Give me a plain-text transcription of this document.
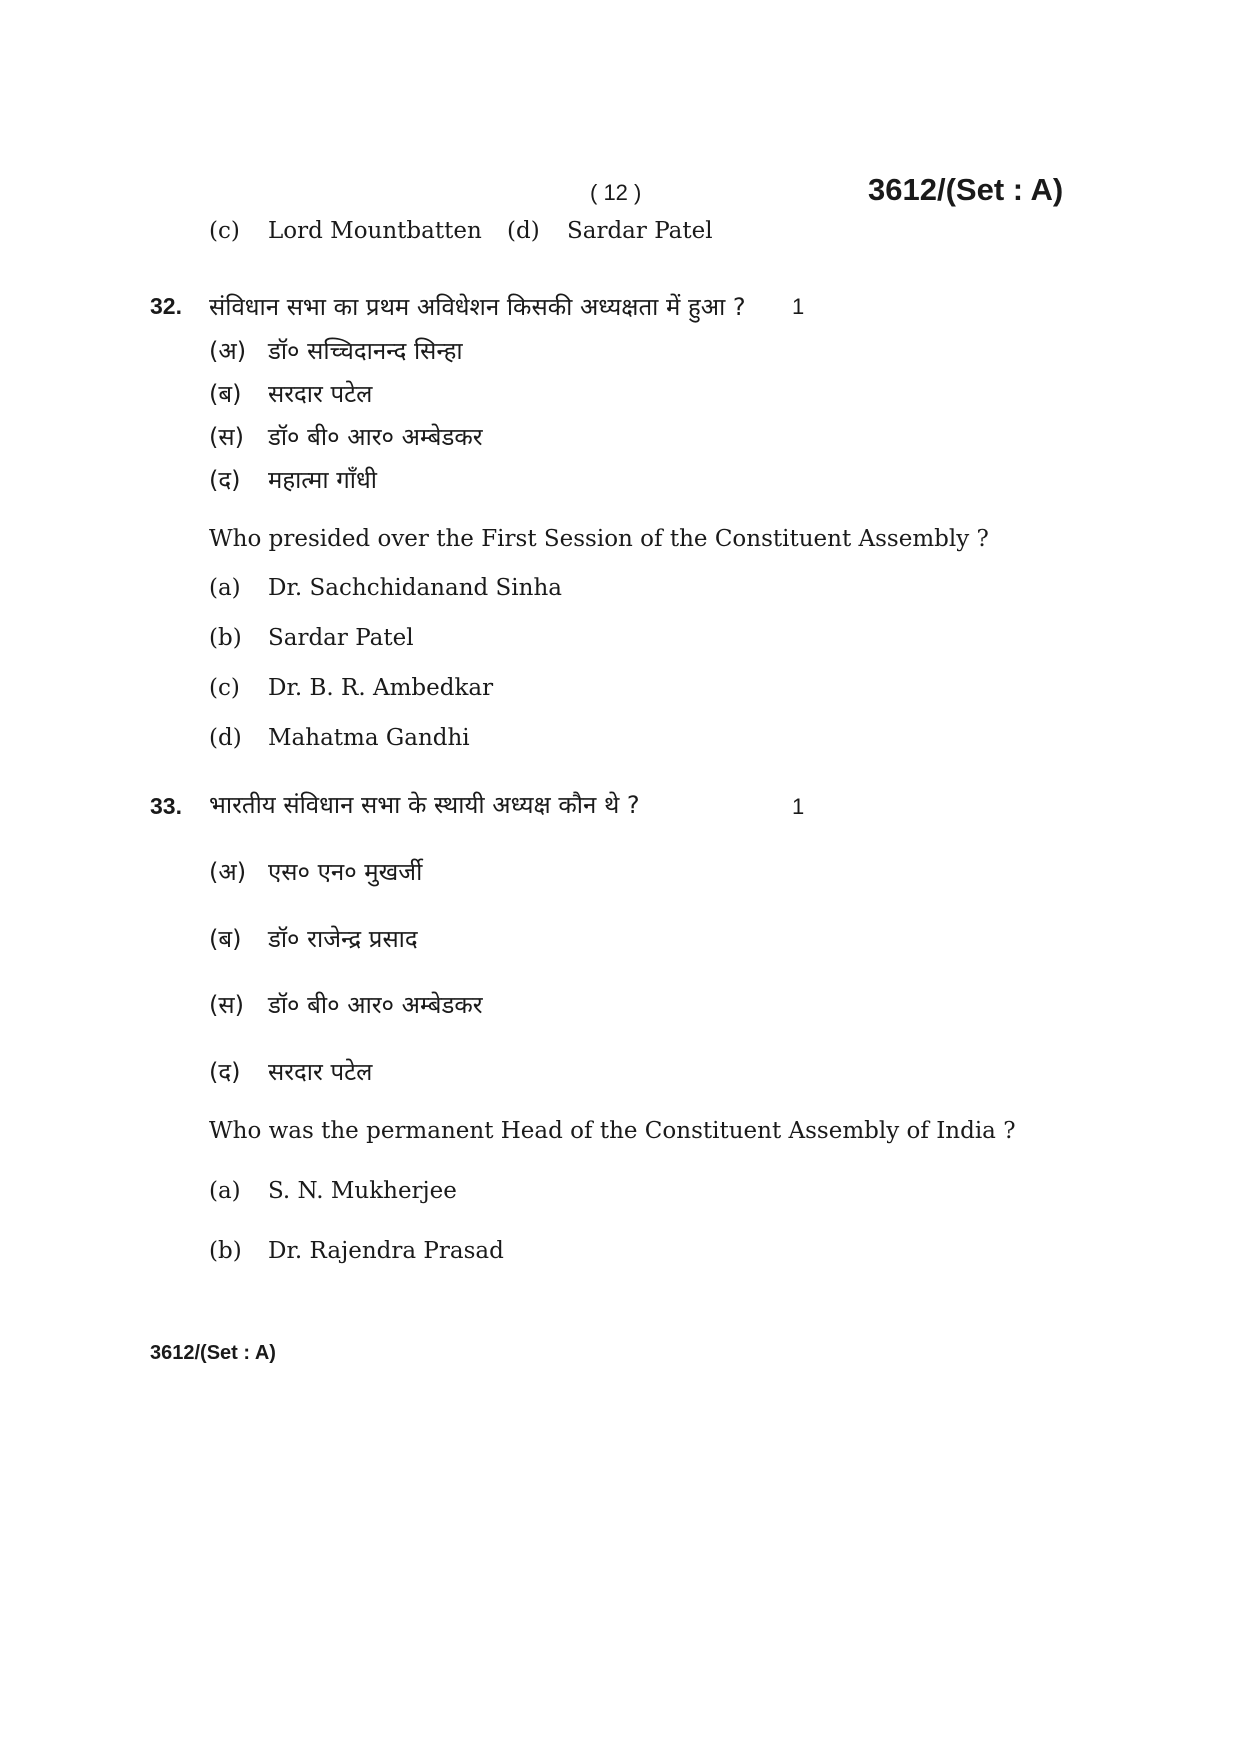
( 12 )	3612/(Set : A)
(c) Lord Mountbatten (d) Sardar Patel
32. संविधान सभा का प्रथम अविधेशन किसकी अध्यक्षता में हुआ ? 1
(अ) डॉ० सच्चिदानन्द सिन्हा
(ब) सरदार पटेल
(स) डॉ० बी० आर० अम्बेडकर
(द) महात्मा गाँधी
Who presided over the First Session of the Constituent Assembly ?
(a) Dr. Sachchidanand Sinha
(b) Sardar Patel
(c) Dr. B. R. Ambedkar
(d) Mahatma Gandhi
33. भारतीय संविधान सभा के स्थायी अध्यक्ष कौन थे ?	1
(अ) एस० एन० मुखर्जी
(ब) डॉ० राजेन्द्र प्रसाद
(स) डॉ० बी० आर० अम्बेडकर
(द) सरदार पटेल
Who was the permanent Head of the Constituent Assembly of India ?
(a) S. N. Mukherjee
(b) Dr. Rajendra Prasad
3612/(Set : A)
